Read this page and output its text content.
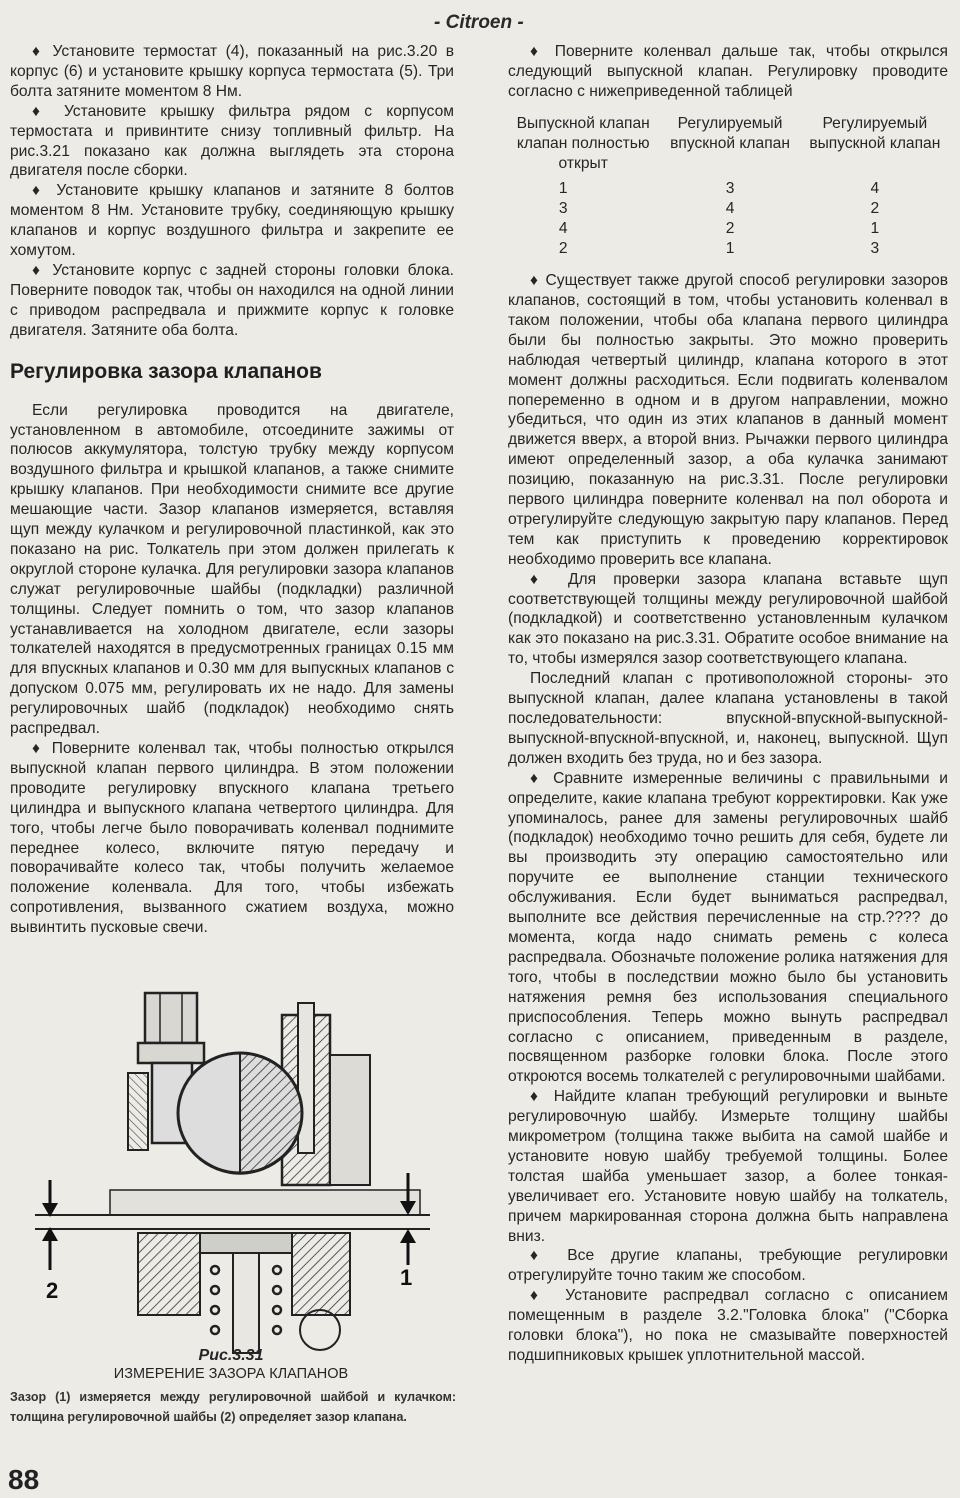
- Citroen -

♦ Установите термостат (4), показанный на рис.3.20 в корпус (6) и установите крышку корпуса термостата (5). Три болта затяните моментом 8 Нм.

♦ Установите крышку фильтра рядом с корпусом термостата и привинтите снизу топливный фильтр. На рис.3.21 показано как должна выглядеть эта сторона двигателя после сборки.

♦ Установите крышку клапанов и затяните 8 болтов моментом 8 Нм. Установите трубку, соединяющую крышку клапанов и корпус воздушного фильтра и закрепите ее хомутом.

♦ Установите корпус с задней стороны головки блока. Поверните поводок так, чтобы он находился на одной линии с приводом распредвала и прижмите корпус к головке двигателя. Затяните оба болта.

Регулировка зазора клапанов

Если регулировка проводится на двигателе, установленном в автомобиле, отсоедините зажимы от полюсов аккумулятора, толстую трубку между корпусом воздушного фильтра и крышкой клапанов, а также снимите крышку клапанов. При необходимости снимите все другие мешающие части. Зазор клапанов измеряется, вставляя щуп между кулачком и регулировочной пластинкой, как это показано на рис. Толкатель при этом должен прилегать к округлой стороне кулачка. Для регулировки зазора клапанов служат регулировочные шайбы (подкладки) различной толщины. Следует помнить о том, что зазор клапанов устанавливается на холодном двигателе, если зазоры толкателей находятся в предусмотренных границах 0.15 мм для впускных клапанов и 0.30 мм для выпускных клапанов с допуском 0.075 мм, регулировать их не надо. Для замены регулировочных шайб (подкладок) необходимо снять распредвал.

♦ Поверните коленвал так, чтобы полностью открылся выпускной клапан первого цилиндра. В этом положении проводите регулировку впускного клапана третьего цилиндра и выпускного клапана четвертого цилиндра. Для того, чтобы легче было поворачивать коленвал поднимите переднее колесо, включите пятую передачу и поворачивайте колесо так, чтобы получить желаемое положение коленвала. Для того, чтобы избежать сопротивления, вызванного сжатием воздуха, можно вывинтить пусковые свечи.

2
1
Рис.3.31
ИЗМЕРЕНИЕ ЗАЗОРА КЛАПАНОВ
Зазор (1) измеряется между регулировочной шайбой и кулачком: толщина регулировочной шайбы (2) определяет зазор клапана.

♦ Поверните коленвал дальше так, чтобы открылся следующий выпускной клапан. Регулировку проводите согласно с нижеприведенной таблицей

Выпускной клапан клапан полностью открыт	Регулируемый впускной клапан	Регулируемый выпускной клапан
1	3	4
3	4	2
4	2	1
2	1	3

♦ Существует также другой способ регулировки зазоров клапанов, состоящий в том, чтобы установить коленвал в таком положении, чтобы оба клапана первого цилиндра были бы полностью закрыты. Это можно проверить наблюдая четвертый цилиндр, клапана которого в этот момент должны расходиться. Если подвигать коленвалом попеременно в одном и в другом направлении, можно убедиться, что один из этих клапанов в данный момент движется вверх, а второй вниз. Рычажки первого цилиндра имеют определенный зазор, а оба кулачка занимают позицию, показанную на рис.3.31. После регулировки первого цилиндра поверните коленвал на пол оборота и отрегулируйте следующую закрытую пару клапанов. Перед тем как приступить к проведению корректировок необходимо проверить все клапана.

♦ Для проверки зазора клапана вставьте щуп соответствующей толщины между регулировочной шайбой (подкладкой) и соответственно установленным кулачком как это показано на рис.3.31. Обратите особое внимание на то, чтобы измерялся зазор соответствующего клапана.

Последний клапан с противоположной стороны- это выпускной клапан, далее клапана установлены в такой последовательности: впускной-впускной-выпускной-выпускной-впускной-впускной, и, наконец, выпускной. Щуп должен входить без труда, но и без зазора.

♦ Сравните измеренные величины с правильными и определите, какие клапана требуют корректировки. Как уже упоминалось, ранее для замены регулировочных шайб (подкладок) необходимо точно решить для себя, будете ли вы производить эту операцию самостоятельно или поручите ее выполнение станции технического обслуживания. Если будет выниматься распредвал, выполните все действия перечисленные на стр.???? до момента, когда надо снимать ремень с колеса распредвала. Обозначьте положение ролика натяжения для того, чтобы в последствии можно было бы установить натяжения ремня без использования специального приспособления. Теперь можно вынуть распредвал согласно с описанием, приведенным в разделе, посвященном разборке головки блока. После этого откроются восемь толкателей с регулировочными шайбами.

♦ Найдите клапан требующий регулировки и выньте регулировочную шайбу. Измерьте толщину шайбы микрометром (толщина также выбита на самой шайбе и установите новую шайбу требуемой толщины. Более толстая шайба уменьшает зазор, а более тонкая-увеличивает его. Установите новую шайбу на толкатель, причем маркированная сторона должна быть направлена вниз.

♦ Все другие клапаны, требующие регулировки отрегулируйте точно таким же способом.

♦ Установите распредвал согласно с описанием помещенным в разделе 3.2."Головка блока" ("Сборка головки блока"), но пока не смазывайте поверхностей подшипниковых крышек уплотнительной массой.

88
